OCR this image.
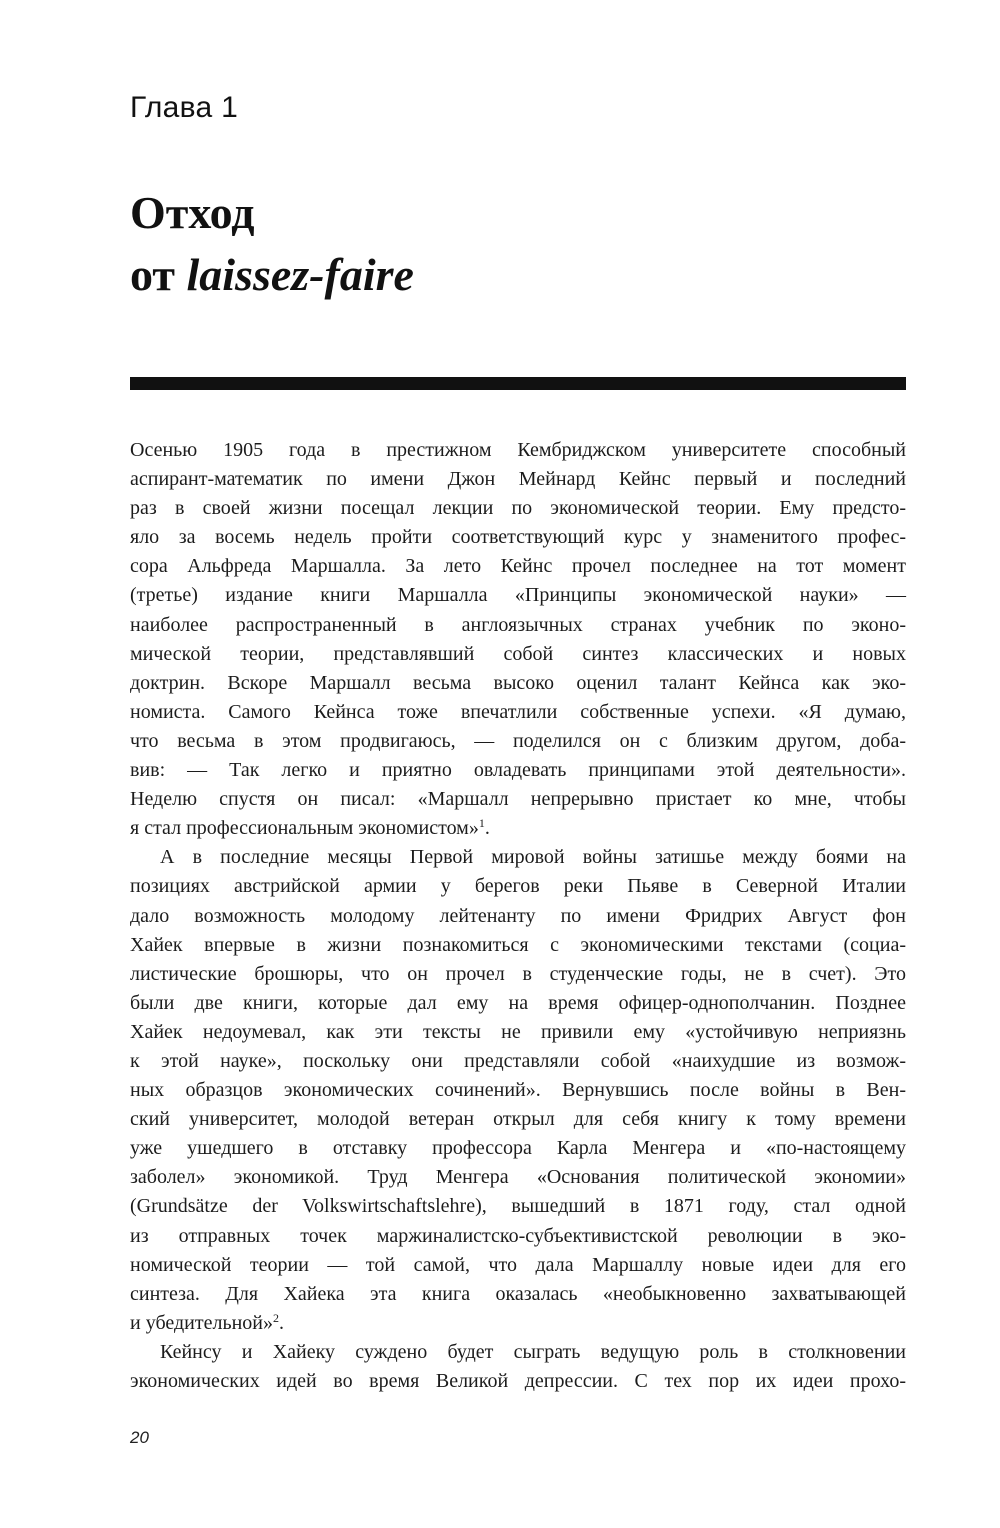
Глава 1
Отход
от laissez-faire
Осенью 1905 года в престижном Кембриджском университете способный
аспирант-математик по имени Джон Мейнард Кейнс первый и последний
раз в своей жизни посещал лекции по экономической теории. Ему предсто-
яло за восемь недель пройти соответствующий курс у знаменитого профес-
сора Альфреда Маршалла. За лето Кейнс прочел последнее на тот момент
(третье) издание книги Маршалла «Принципы экономической науки» —
наиболее распространенный в англоязычных странах учебник по эконо-
мической теории, представлявший собой синтез классических и новых
доктрин. Вскоре Маршалл весьма высоко оценил талант Кейнса как эко-
номиста. Самого Кейнса тоже впечатлили собственные успехи. «Я думаю,
что весьма в этом продвигаюсь, — поделился он с близким другом, доба-
вив: — Так легко и приятно овладевать принципами этой деятельности».
Неделю спустя он писал: «Маршалл непрерывно пристает ко мне, чтобы
я стал профессиональным экономистом»$^1$.
А в последние месяцы Первой мировой войны затишье между боями на
позициях австрийской армии у берегов реки Пьяве в Северной Италии
дало возможность молодому лейтенанту по имени Фридрих Август фон
Хайек впервые в жизни познакомиться с экономическими текстами (социа-
листические брошюры, что он прочел в студенческие годы, не в счет). Это
были две книги, которые дал ему на время офицер-однополчанин. Позднее
Хайек недоумевал, как эти тексты не привили ему «устойчивую неприязнь
к этой науке», поскольку они представляли собой «наихудшие из возмож-
ных образцов экономических сочинений». Вернувшись после войны в Вен-
ский университет, молодой ветеран открыл для себя книгу к тому времени
уже ушедшего в отставку профессора Карла Менгера и «по-настоящему
заболел» экономикой. Труд Менгера «Основания политической экономии»
(Grundsätze der Volkswirtschaftslehre), вышедший в 1871 году, стал одной
из отправных точек маржиналистско-субъективистской революции в эко-
номической теории — той самой, что дала Маршаллу новые идеи для его
синтеза. Для Хайека эта книга оказалась «необыкновенно захватывающей
и убедительной»$^2$.
Кейнсу и Хайеку суждено будет сыграть ведущую роль в столкновении
экономических идей во время Великой депрессии. С тех пор их идеи прохо-
20
